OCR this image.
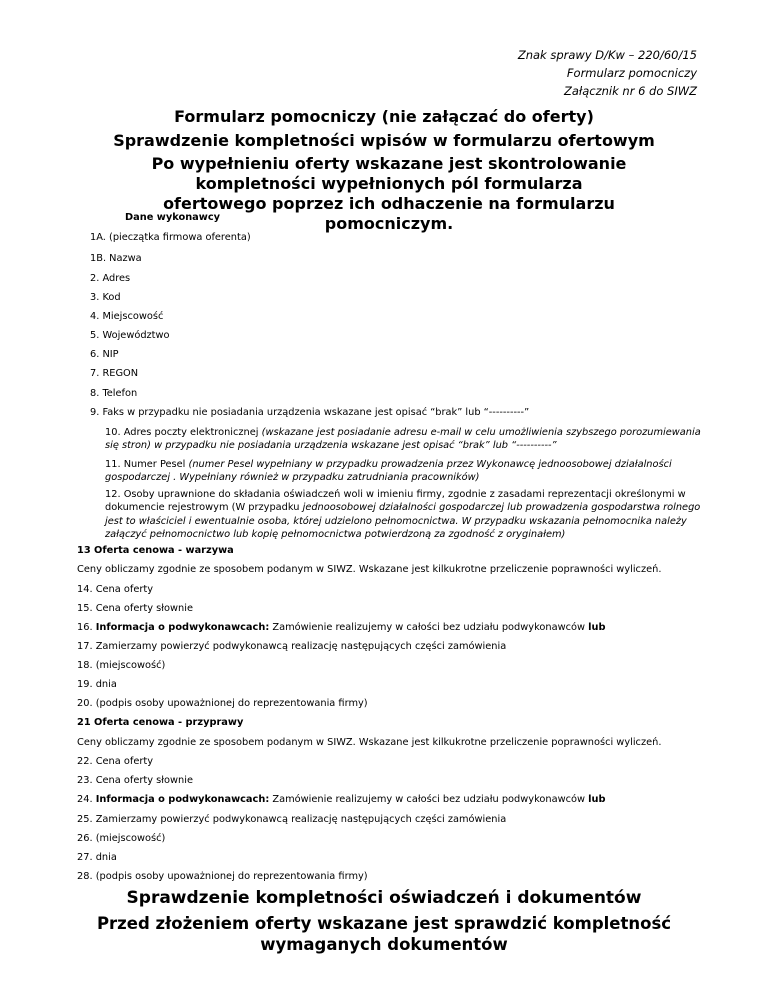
Znak sprawy D/Kw – 220/60/15
Formularz pomocniczy
Załącznik nr 6 do SIWZ
Formularz pomocniczy (nie załączać do oferty)
Sprawdzenie kompletności wpisów w formularzu ofertowym
Po wypełnieniu oferty wskazane jest skontrolowanie kompletności wypełnionych pól formularza ofertowego poprzez ich odhaczenie na formularzu pomocniczym.
Dane wykonawcy
1A. (pieczątka firmowa oferenta)
1B. Nazwa
2. Adres
3. Kod
4. Miejscowość
5. Województwo
6. NIP
7. REGON
8. Telefon
9. Faks w przypadku nie posiadania urządzenia wskazane jest opisać “brak” lub “----------”
10. Adres poczty elektronicznej (wskazane jest posiadanie adresu e-mail w celu umożliwienia szybszego porozumiewania się stron) w przypadku nie posiadania urządzenia wskazane jest opisać “brak” lub “----------”
11. Numer Pesel (numer Pesel wypełniany w przypadku prowadzenia przez Wykonawcę jednoosobowej działalności gospodarczej . Wypełniany również w przypadku zatrudniania pracowników)
12. Osoby uprawnione do składania oświadczeń woli w imieniu firmy, zgodnie z zasadami reprezentacji określonymi w dokumencie rejestrowym (W przypadku jednoosobowej działalności gospodarczej lub prowadzenia gospodarstwa rolnego jest to właściciel i ewentualnie osoba, której udzielono pełnomocnictwa. W przypadku wskazania pełnomocnika należy załączyć pełnomocnictwo lub kopię pełnomocnictwa potwierdzoną za zgodność z oryginałem)
13 Oferta cenowa - warzywa
Ceny obliczamy zgodnie ze sposobem podanym w SIWZ. Wskazane jest kilkukrotne przeliczenie poprawności wyliczeń.
14. Cena oferty
15. Cena oferty słownie
16. Informacja o podwykonawcach: Zamówienie realizujemy w całości bez udziału podwykonawców lub
17. Zamierzamy powierzyć podwykonawcą realizację następujących części zamówienia
18. (miejscowość)
19. dnia
20. (podpis osoby upoważnionej do reprezentowania firmy)
21 Oferta cenowa - przyprawy
Ceny obliczamy zgodnie ze sposobem podanym w SIWZ. Wskazane jest kilkukrotne przeliczenie poprawności wyliczeń.
22. Cena oferty
23. Cena oferty słownie
24. Informacja o podwykonawcach: Zamówienie realizujemy w całości bez udziału podwykonawców lub
25. Zamierzamy powierzyć podwykonawcą realizację następujących części zamówienia
26. (miejscowość)
27. dnia
28. (podpis osoby upoważnionej do reprezentowania firmy)
Sprawdzenie kompletności oświadczeń i dokumentów
Przed złożeniem oferty wskazane jest sprawdzić kompletność wymaganych dokumentów
